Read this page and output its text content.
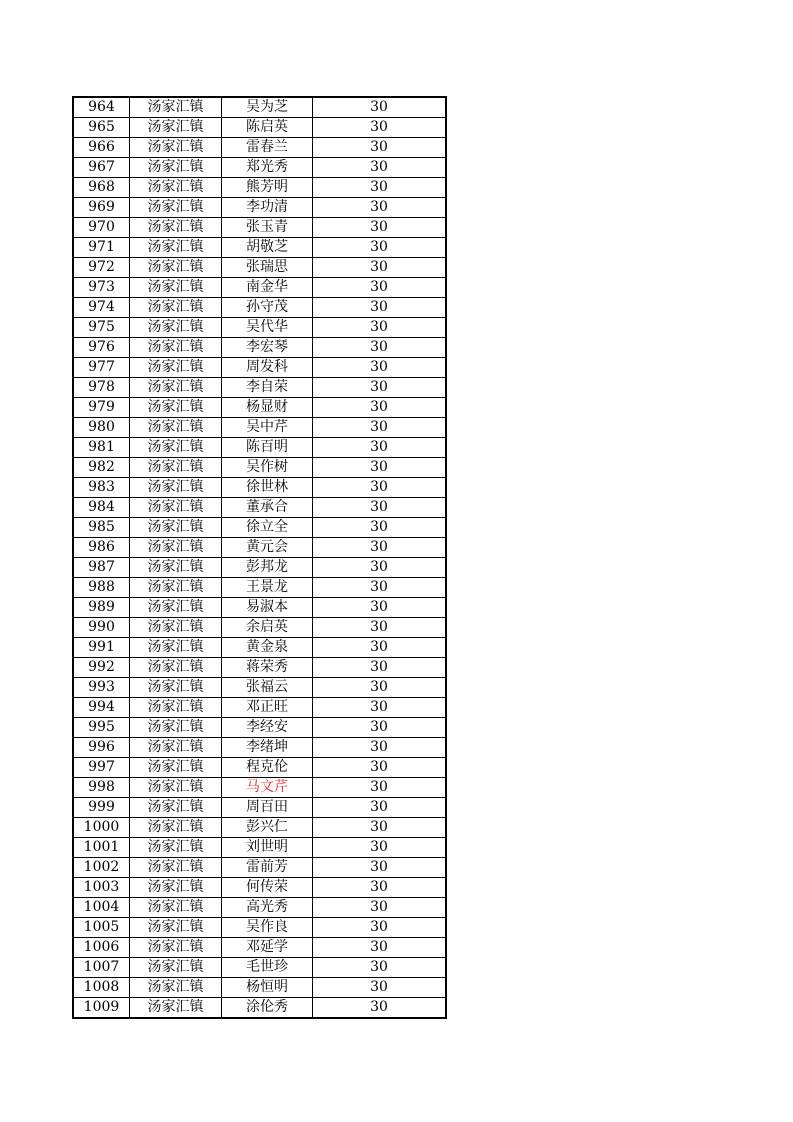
964	汤家汇镇	吴为芝	30
965	汤家汇镇	陈启英	30
966	汤家汇镇	雷春兰	30
967	汤家汇镇	郑光秀	30
968	汤家汇镇	熊芳明	30
969	汤家汇镇	李功清	30
970	汤家汇镇	张玉青	30
971	汤家汇镇	胡敬芝	30
972	汤家汇镇	张瑞思	30
973	汤家汇镇	南金华	30
974	汤家汇镇	孙守茂	30
975	汤家汇镇	吴代华	30
976	汤家汇镇	李宏琴	30
977	汤家汇镇	周发科	30
978	汤家汇镇	李自荣	30
979	汤家汇镇	杨显财	30
980	汤家汇镇	吴中芹	30
981	汤家汇镇	陈百明	30
982	汤家汇镇	吴作树	30
983	汤家汇镇	徐世林	30
984	汤家汇镇	董承合	30
985	汤家汇镇	徐立全	30
986	汤家汇镇	黄元会	30
987	汤家汇镇	彭邦龙	30
988	汤家汇镇	王景龙	30
989	汤家汇镇	易淑本	30
990	汤家汇镇	余启英	30
991	汤家汇镇	黄金泉	30
992	汤家汇镇	蒋荣秀	30
993	汤家汇镇	张福云	30
994	汤家汇镇	邓正旺	30
995	汤家汇镇	李经安	30
996	汤家汇镇	李绪坤	30
997	汤家汇镇	程克伦	30
998	汤家汇镇	马文芹	30
999	汤家汇镇	周百田	30
1000	汤家汇镇	彭兴仁	30
1001	汤家汇镇	刘世明	30
1002	汤家汇镇	雷前芳	30
1003	汤家汇镇	何传荣	30
1004	汤家汇镇	高光秀	30
1005	汤家汇镇	吴作良	30
1006	汤家汇镇	邓延学	30
1007	汤家汇镇	毛世珍	30
1008	汤家汇镇	杨恒明	30
1009	汤家汇镇	涂伦秀	30
